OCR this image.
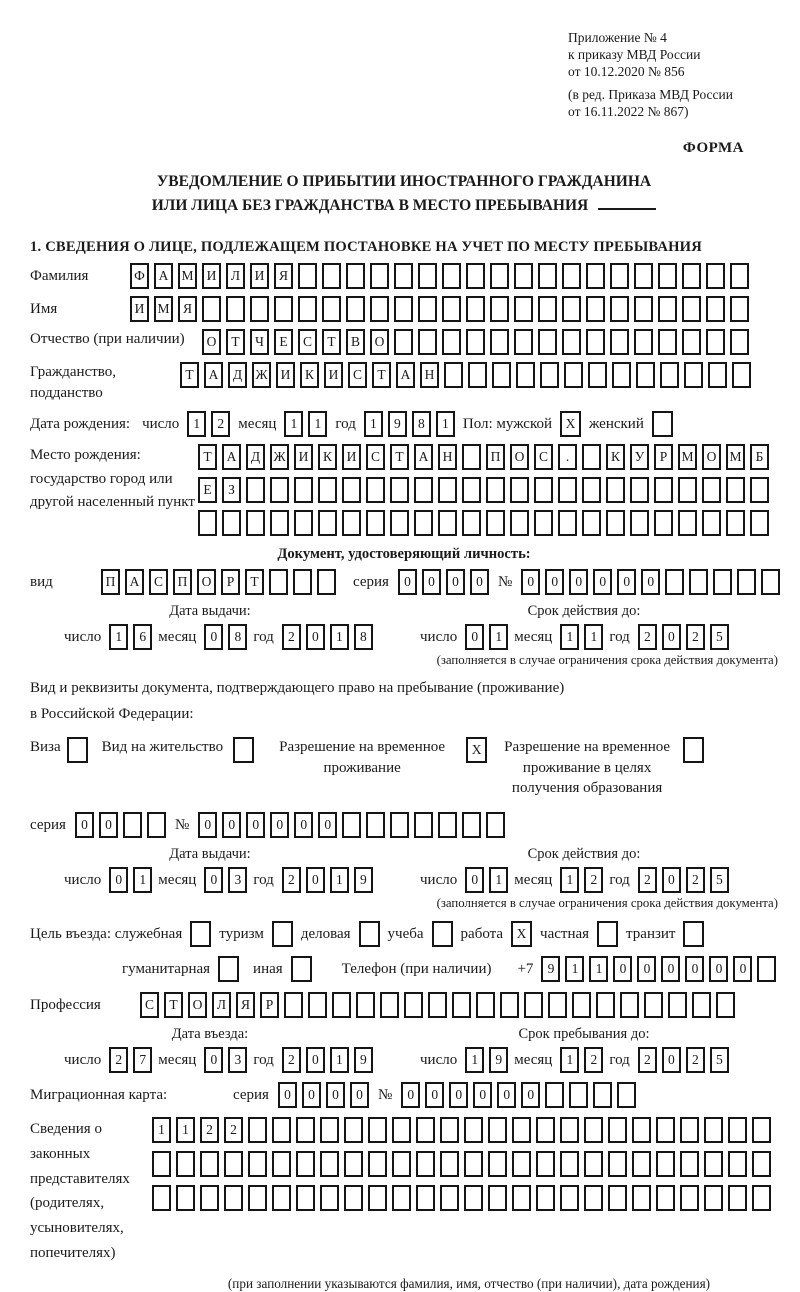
Приложение № 4
к приказу МВД России
от 10.12.2020 № 856
(в ред. Приказа МВД России
от 16.11.2022 № 867)
ФОРМА
УВЕДОМЛЕНИЕ О ПРИБЫТИИ ИНОСТРАННОГО ГРАЖДАНИНА
ИЛИ ЛИЦА БЕЗ ГРАЖДАНСТВА В МЕСТО ПРЕБЫВАНИЯ
1. СВЕДЕНИЯ О ЛИЦЕ, ПОДЛЕЖАЩЕМ ПОСТАНОВКЕ НА УЧЕТ ПО МЕСТУ ПРЕБЫВАНИЯ
Фамилия	Ф	А М И	Л	И	Я
Имя	И М Я
Отчество (при наличии)	О	Т	Ч	Е	С	Т	В	О
Гражданство, подданство
Т	А	Д Ж И	К	И	С	Т	А	Н
Дата рождения: число	1	2 месяц	1	1 год	1	9	8	1 Пол: мужской	X женский
Место рождения: государство город или другой населенный пункт
Т	А	Д Ж И	К	И	С	Т	А	Н	П	О	С	.	К	У	Р	М О М	Б
Е	З
Документ, удостоверяющий личность:
вид	П	А	С	П	О	Р	Т	серия	0	0	0	0	№	0	0	0	0	0	0
Дата выдачи:
число	1	6 месяц	0	8 год	2	0	1	8
Срок действия до:
число	0	1 месяц	1	1 год	2	0	2	5
(заполняется в случае ограничения срока действия документа)
Вид и реквизиты документа, подтверждающего право на пребывание (проживание)
в Российской Федерации:
Виза	Вид на жительство	Разрешение на временное проживание
X	Разрешение на временное проживание в целях получения образования
серия	0	0	№	0	0	0	0	0	0
Дата выдачи:
число	0	1 месяц	0	3 год	2	0	1	9
Срок действия до:
число	0	1 месяц	1	2 год	2	0	2	5
(заполняется в случае ограничения срока действия документа)
Цель въезда: служебная туризм деловая учеба работа	X частная транзит
гуманитарная	иная	Телефон (при наличии) +7	9	1	1	0	0	0	0	0	0
Профессия	С	Т	О	Л	Я	Р
Дата въезда:
число	2	7 месяц	0	3 год	2	0	1	9
Срок пребывания до:
число	1	9 месяц	1	2 год	2	0	2	5
Миграционная карта:	серия	0	0	0	0	№	0	0	0	0	0	0
Сведения о законных представителях (родителях, усыновителях, попечителях)
1	1	2	2
(при заполнении указываются фамилия, имя, отчество (при наличии), дата рождения)
